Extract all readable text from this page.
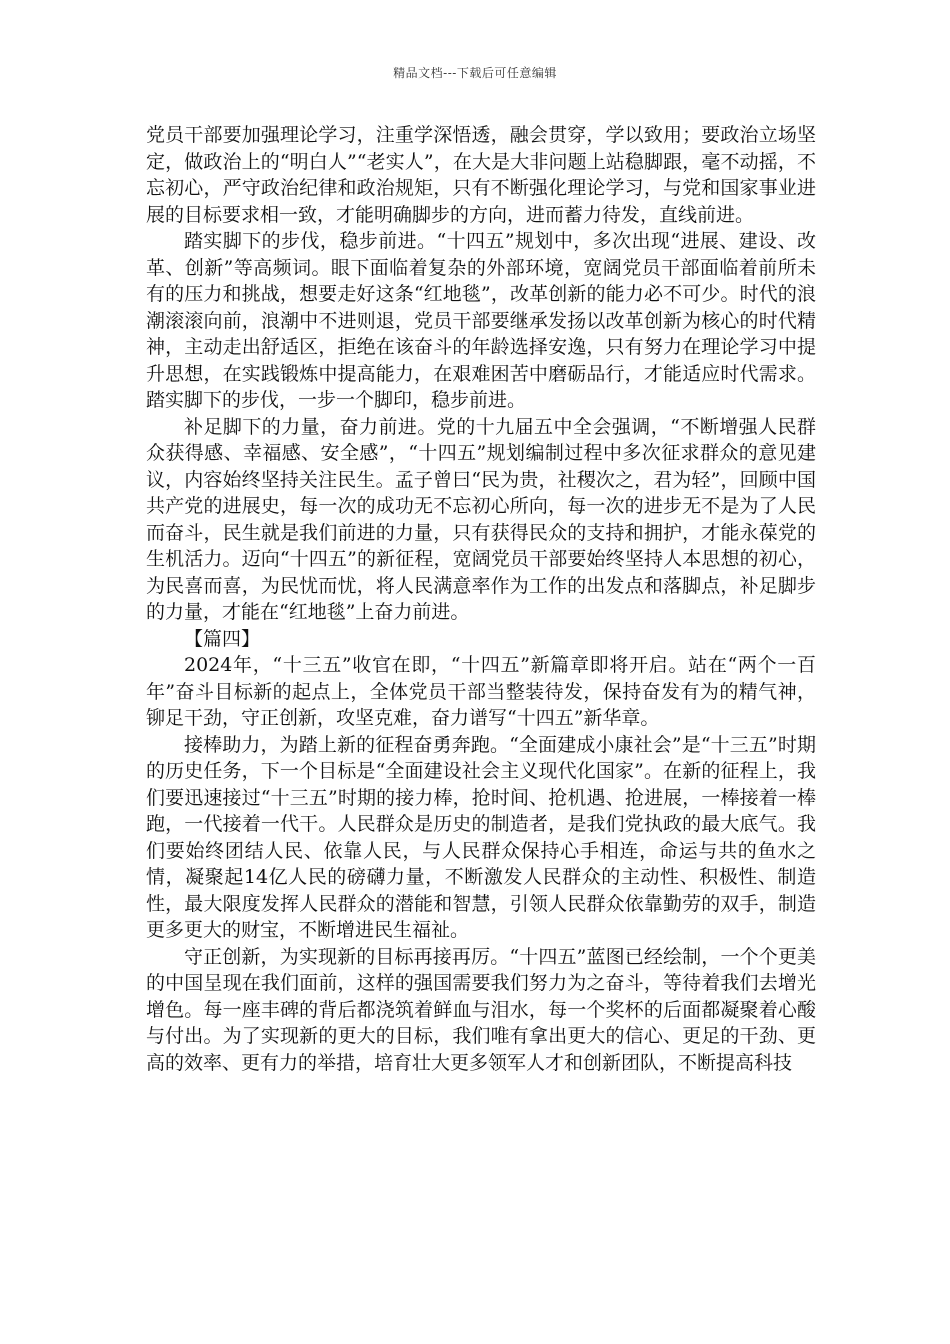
精品文档---下载后可任意编辑

党员干部要加强理论学习，注重学深悟透，融会贯穿，学以致用；要政治立场坚定，做政治上的“明白人”“老实人”，在大是大非问题上站稳脚跟，毫不动摇，不忘初心，严守政治纪律和政治规矩，只有不断强化理论学习，与党和国家事业进展的目标要求相一致，才能明确脚步的方向，进而蓄力待发，直线前进。

踏实脚下的步伐，稳步前进。“十四五”规划中，多次出现“进展、建设、改革、创新”等高频词。眼下面临着复杂的外部环境，宽阔党员干部面临着前所未有的压力和挑战，想要走好这条“红地毯”，改革创新的能力必不可少。时代的浪潮滚滚向前，浪潮中不进则退，党员干部要继承发扬以改革创新为核心的时代精神，主动走出舒适区，拒绝在该奋斗的年龄选择安逸，只有努力在理论学习中提升思想，在实践锻炼中提高能力，在艰难困苦中磨砺品行，才能适应时代需求。踏实脚下的步伐，一步一个脚印，稳步前进。

补足脚下的力量，奋力前进。党的十九届五中全会强调，“不断增强人民群众获得感、幸福感、安全感”，“十四五”规划编制过程中多次征求群众的意见建议，内容始终坚持关注民生。孟子曾曰“民为贵，社稷次之，君为轻”，回顾中国共产党的进展史，每一次的成功无不忘初心所向，每一次的进步无不是为了人民而奋斗，民生就是我们前进的力量，只有获得民众的支持和拥护，才能永葆党的生机活力。迈向“十四五”的新征程，宽阔党员干部要始终坚持人本思想的初心，为民喜而喜，为民忧而忧，将人民满意率作为工作的出发点和落脚点，补足脚步的力量，才能在“红地毯”上奋力前进。

【篇四】

2024年，“十三五”收官在即，“十四五”新篇章即将开启。站在“两个一百年”奋斗目标新的起点上，全体党员干部当整装待发，保持奋发有为的精气神，铆足干劲，守正创新，攻坚克难，奋力谱写“十四五”新华章。

接棒助力，为踏上新的征程奋勇奔跑。“全面建成小康社会”是“十三五”时期的历史任务，下一个目标是“全面建设社会主义现代化国家”。在新的征程上，我们要迅速接过“十三五”时期的接力棒，抢时间、抢机遇、抢进展，一棒接着一棒跑，一代接着一代干。人民群众是历史的制造者，是我们党执政的最大底气。我们要始终团结人民、依靠人民，与人民群众保持心手相连，命运与共的鱼水之情，凝聚起14亿人民的磅礴力量，不断激发人民群众的主动性、积极性、制造性，最大限度发挥人民群众的潜能和智慧，引领人民群众依靠勤劳的双手，制造更多更大的财宝，不断增进民生福祉。

守正创新，为实现新的目标再接再厉。“十四五”蓝图已经绘制，一个个更美的中国呈现在我们面前，这样的强国需要我们努力为之奋斗，等待着我们去增光增色。每一座丰碑的背后都浇筑着鲜血与泪水，每一个奖杯的后面都凝聚着心酸与付出。为了实现新的更大的目标，我们唯有拿出更大的信心、更足的干劲、更高的效率、更有力的举措，培育壮大更多领军人才和创新团队，不断提高科技
